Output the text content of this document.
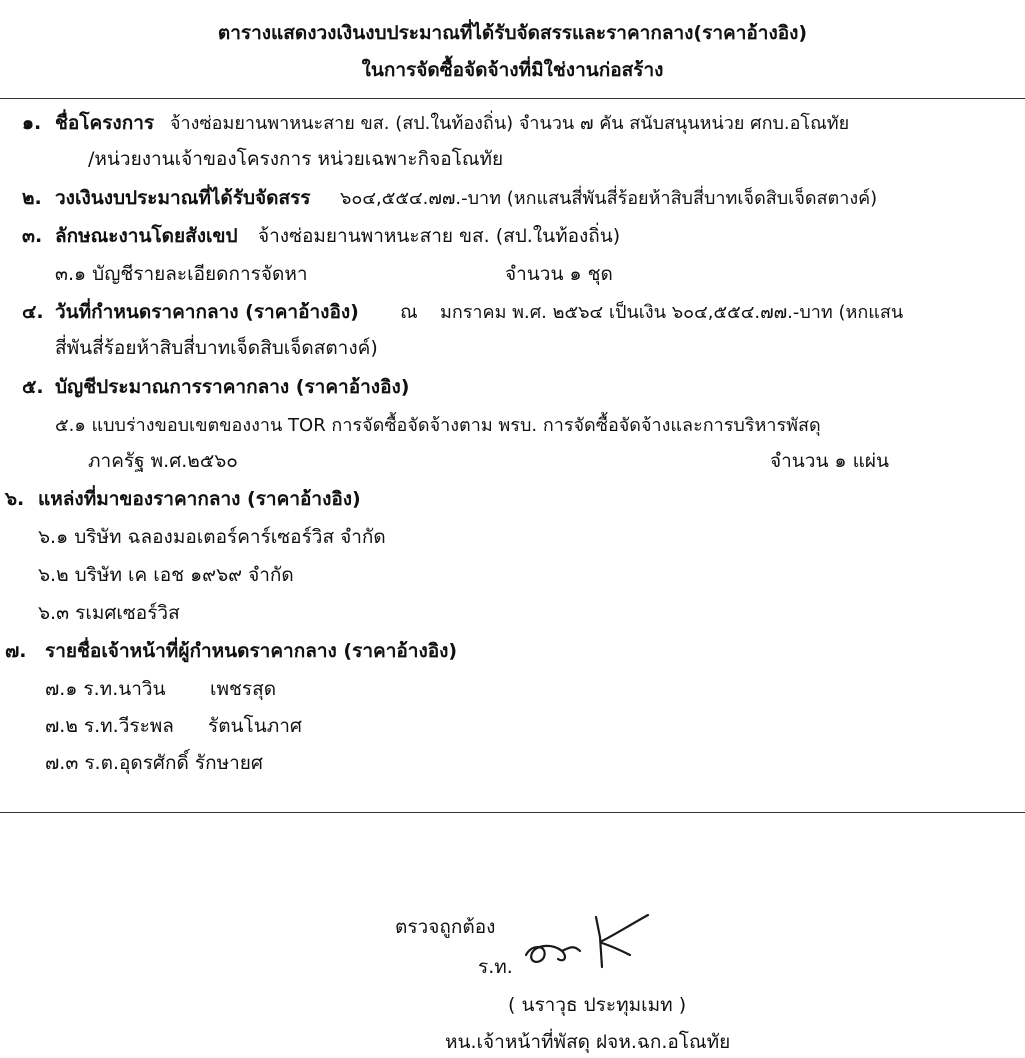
ตารางแสดงวงเงินงบประมาณที่ได้รับจัดสรรและราคากลาง(ราคาอ้างอิง)
ในการจัดซื้อจัดจ้างที่มิใช่งานก่อสร้าง
๑. ชื่อโครงการ จ้างซ่อมยานพาหนะสาย ขส. (สป.ในท้องถิ่น) จำนวน ๗ คัน สนับสนุนหน่วย ศกบ.อโณทัย
/หน่วยงานเจ้าของโครงการ หน่วยเฉพาะกิจอโณทัย
๒. วงเงินงบประมาณที่ได้รับจัดสรร ๖๐๔,๕๕๔.๗๗.-บาท (หกแสนสี่พันสี่ร้อยห้าสิบสี่บาทเจ็ดสิบเจ็ดสตางค์)
๓. ลักษณะงานโดยสังเขป จ้างซ่อมยานพาหนะสาย ขส. (สป.ในท้องถิ่น)
๓.๑ บัญชีรายละเอียดการจัดหา	จำนวน ๑ ชุด
๔. วันที่กำหนดราคากลาง (ราคาอ้างอิง) ณ มกราคม พ.ศ. ๒๕๖๔ เป็นเงิน ๖๐๔,๕๕๔.๗๗.-บาท (หกแสน
สี่พันสี่ร้อยห้าสิบสี่บาทเจ็ดสิบเจ็ดสตางค์)
๕. บัญชีประมาณการราคากลาง (ราคาอ้างอิง)
๕.๑ แบบร่างขอบเขตของงาน TOR การจัดซื้อจัดจ้างตาม พรบ. การจัดซื้อจัดจ้างและการบริหารพัสดุ
ภาครัฐ พ.ศ.๒๕๖๐	จำนวน ๑ แผ่น
๖. แหล่งที่มาของราคากลาง (ราคาอ้างอิง)
๖.๑ บริษัท ฉลองมอเตอร์คาร์เซอร์วิส จำกัด
๖.๒ บริษัท เค เอช ๑๙๖๙ จำกัด
๖.๓ รเมศเซอร์วิส
๗. รายชื่อเจ้าหน้าที่ผู้กำหนดราคากลาง (ราคาอ้างอิง)
๗.๑ ร.ท.นาวิน เพชรสุด
๗.๒ ร.ท.วีระพล รัตนโนภาศ
๗.๓ ร.ต.อุดรศักดิ์ รักษายศ
ตรวจถูกต้อง
ร.ท.
( นราวุธ ประทุมเมท )
หน.เจ้าหน้าที่พัสดุ ฝจห.ฉก.อโณทัย
